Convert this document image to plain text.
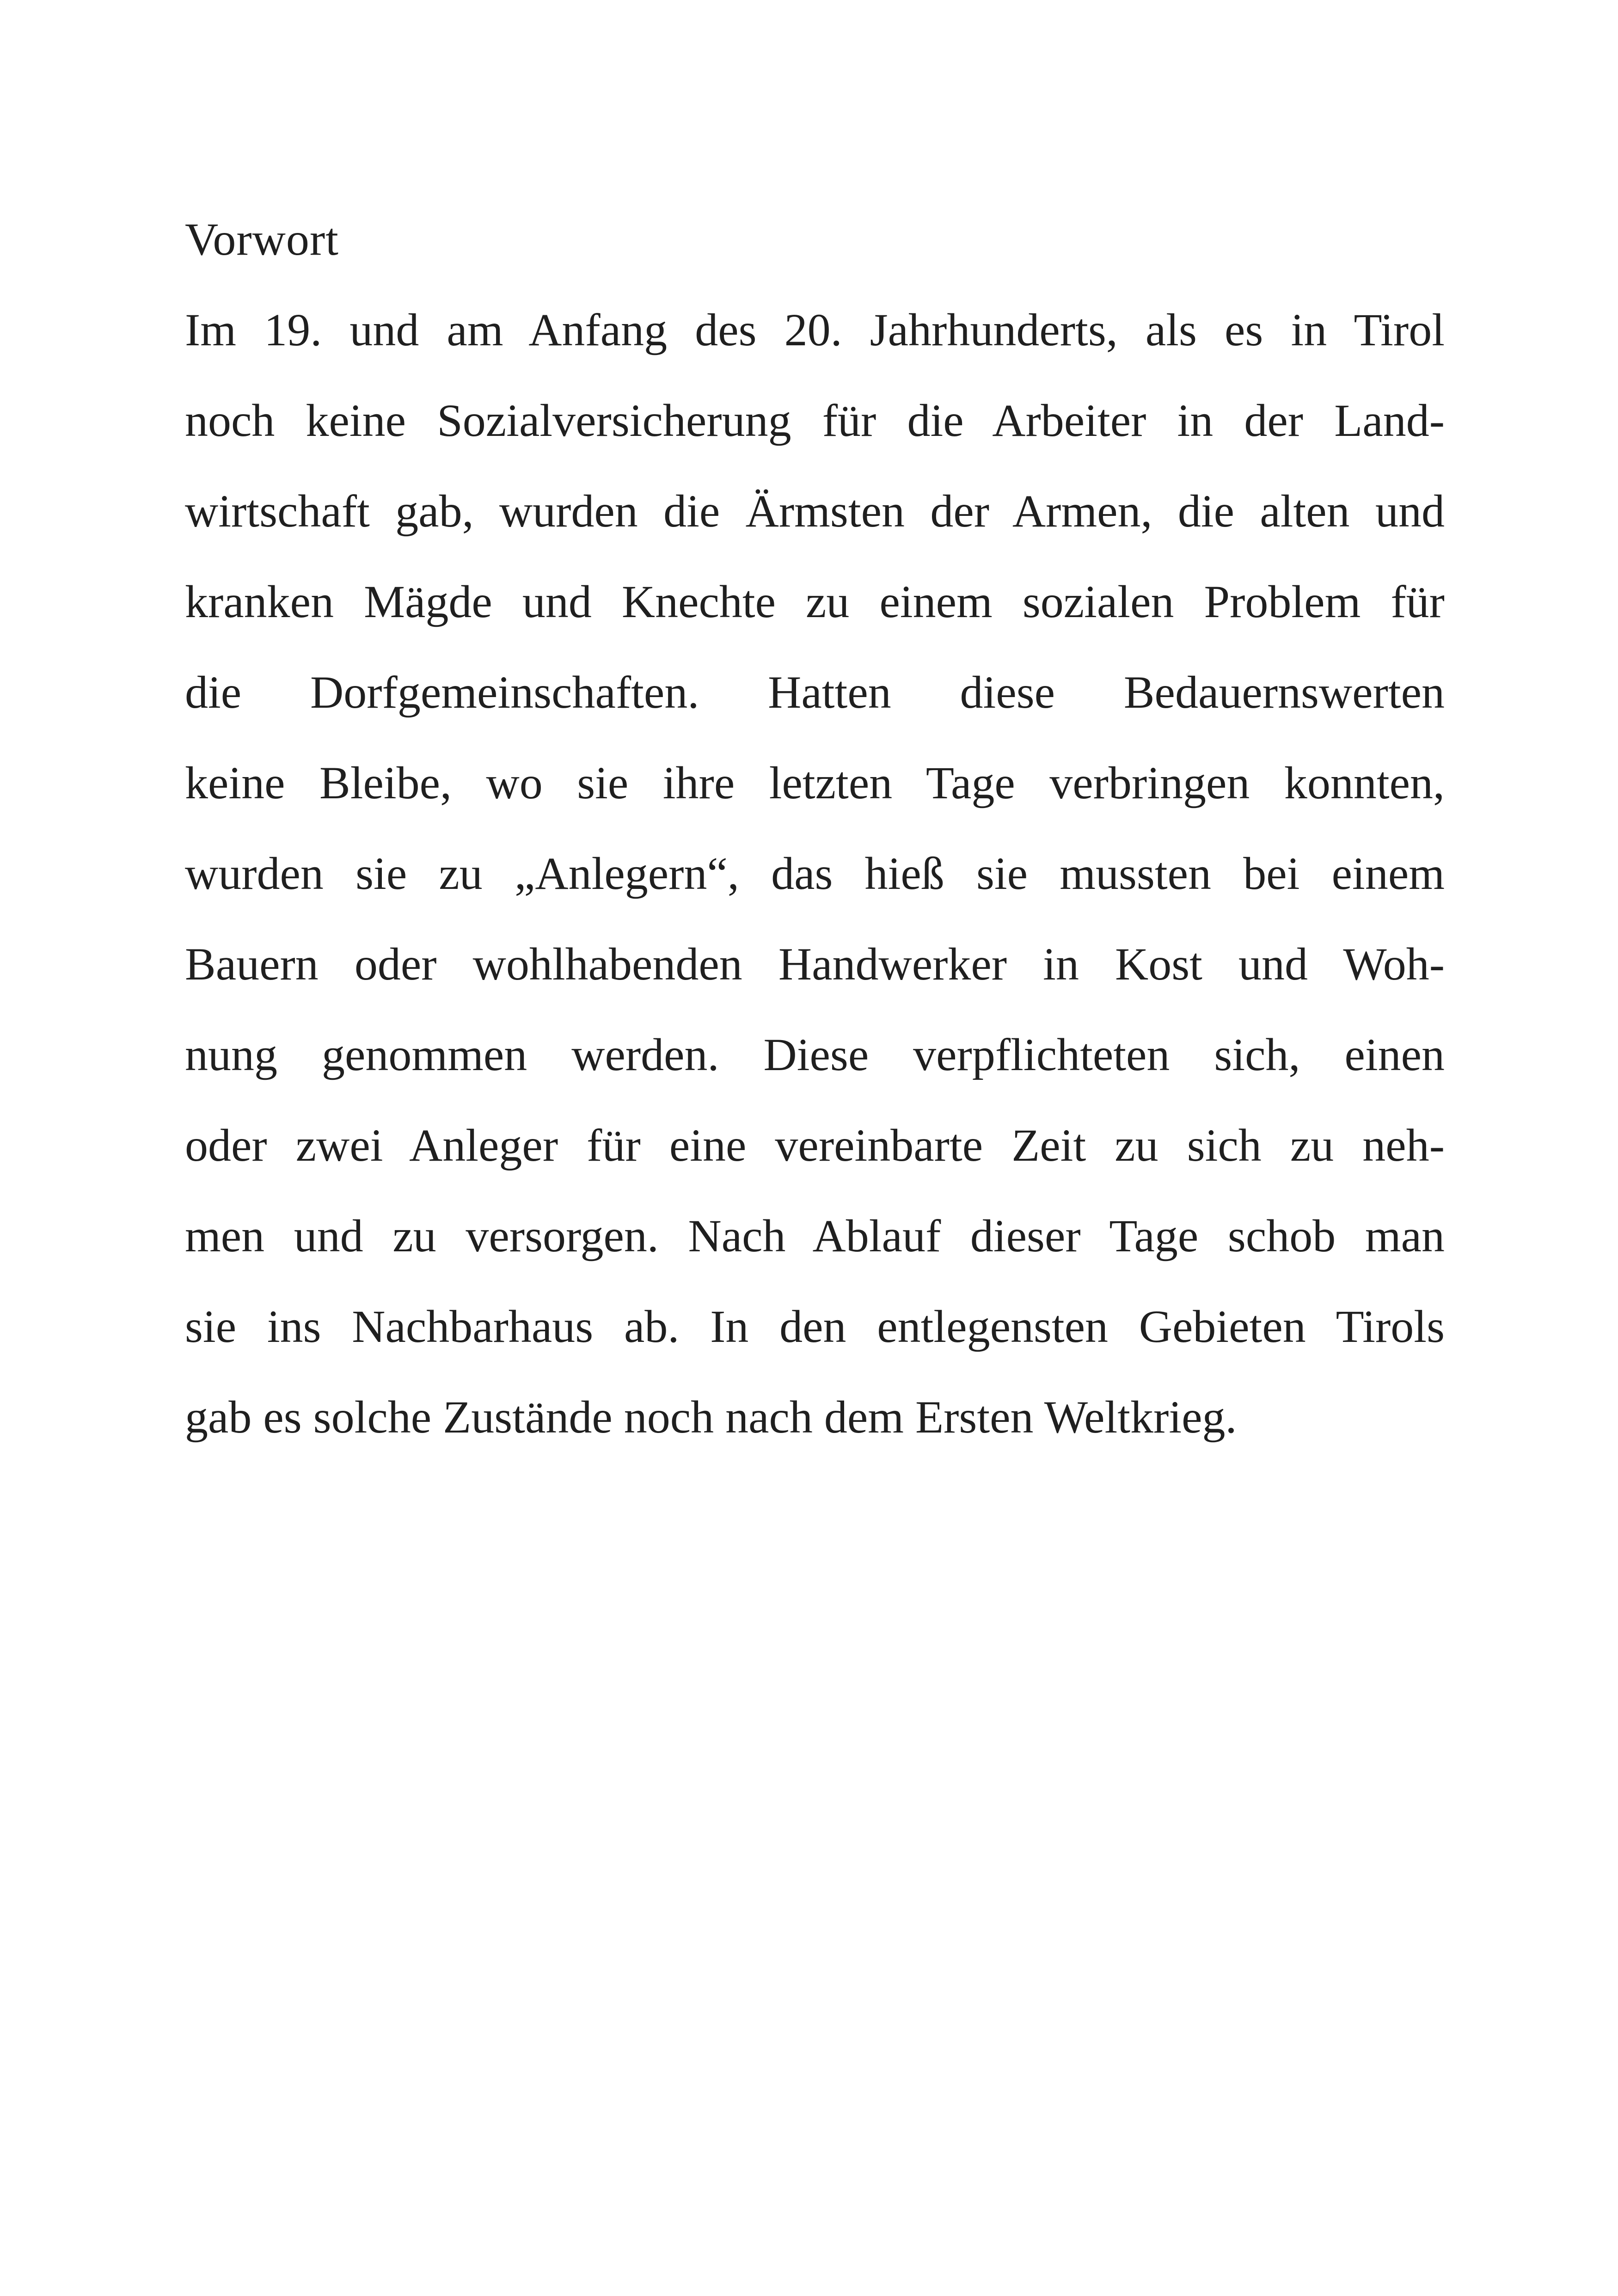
Vorwort
Im 19. und am Anfang des 20. Jahrhunderts, als es in Tirol
noch keine Sozialversicherung für die Arbeiter in der Land-
wirtschaft gab, wurden die Ärmsten der Armen, die alten und
kranken Mägde und Knechte zu einem sozialen Problem für
die Dorfgemeinschaften. Hatten diese Bedauernswerten
keine Bleibe, wo sie ihre letzten Tage verbringen konnten,
wurden sie zu „Anlegern“, das hieß sie mussten bei einem
Bauern oder wohlhabenden Handwerker in Kost und Woh-
nung genommen werden. Diese verpflichteten sich, einen
oder zwei Anleger für eine vereinbarte Zeit zu sich zu neh-
men und zu versorgen. Nach Ablauf dieser Tage schob man
sie ins Nachbarhaus ab. In den entlegensten Gebieten Tirols
gab es solche Zustände noch nach dem Ersten Weltkrieg.
